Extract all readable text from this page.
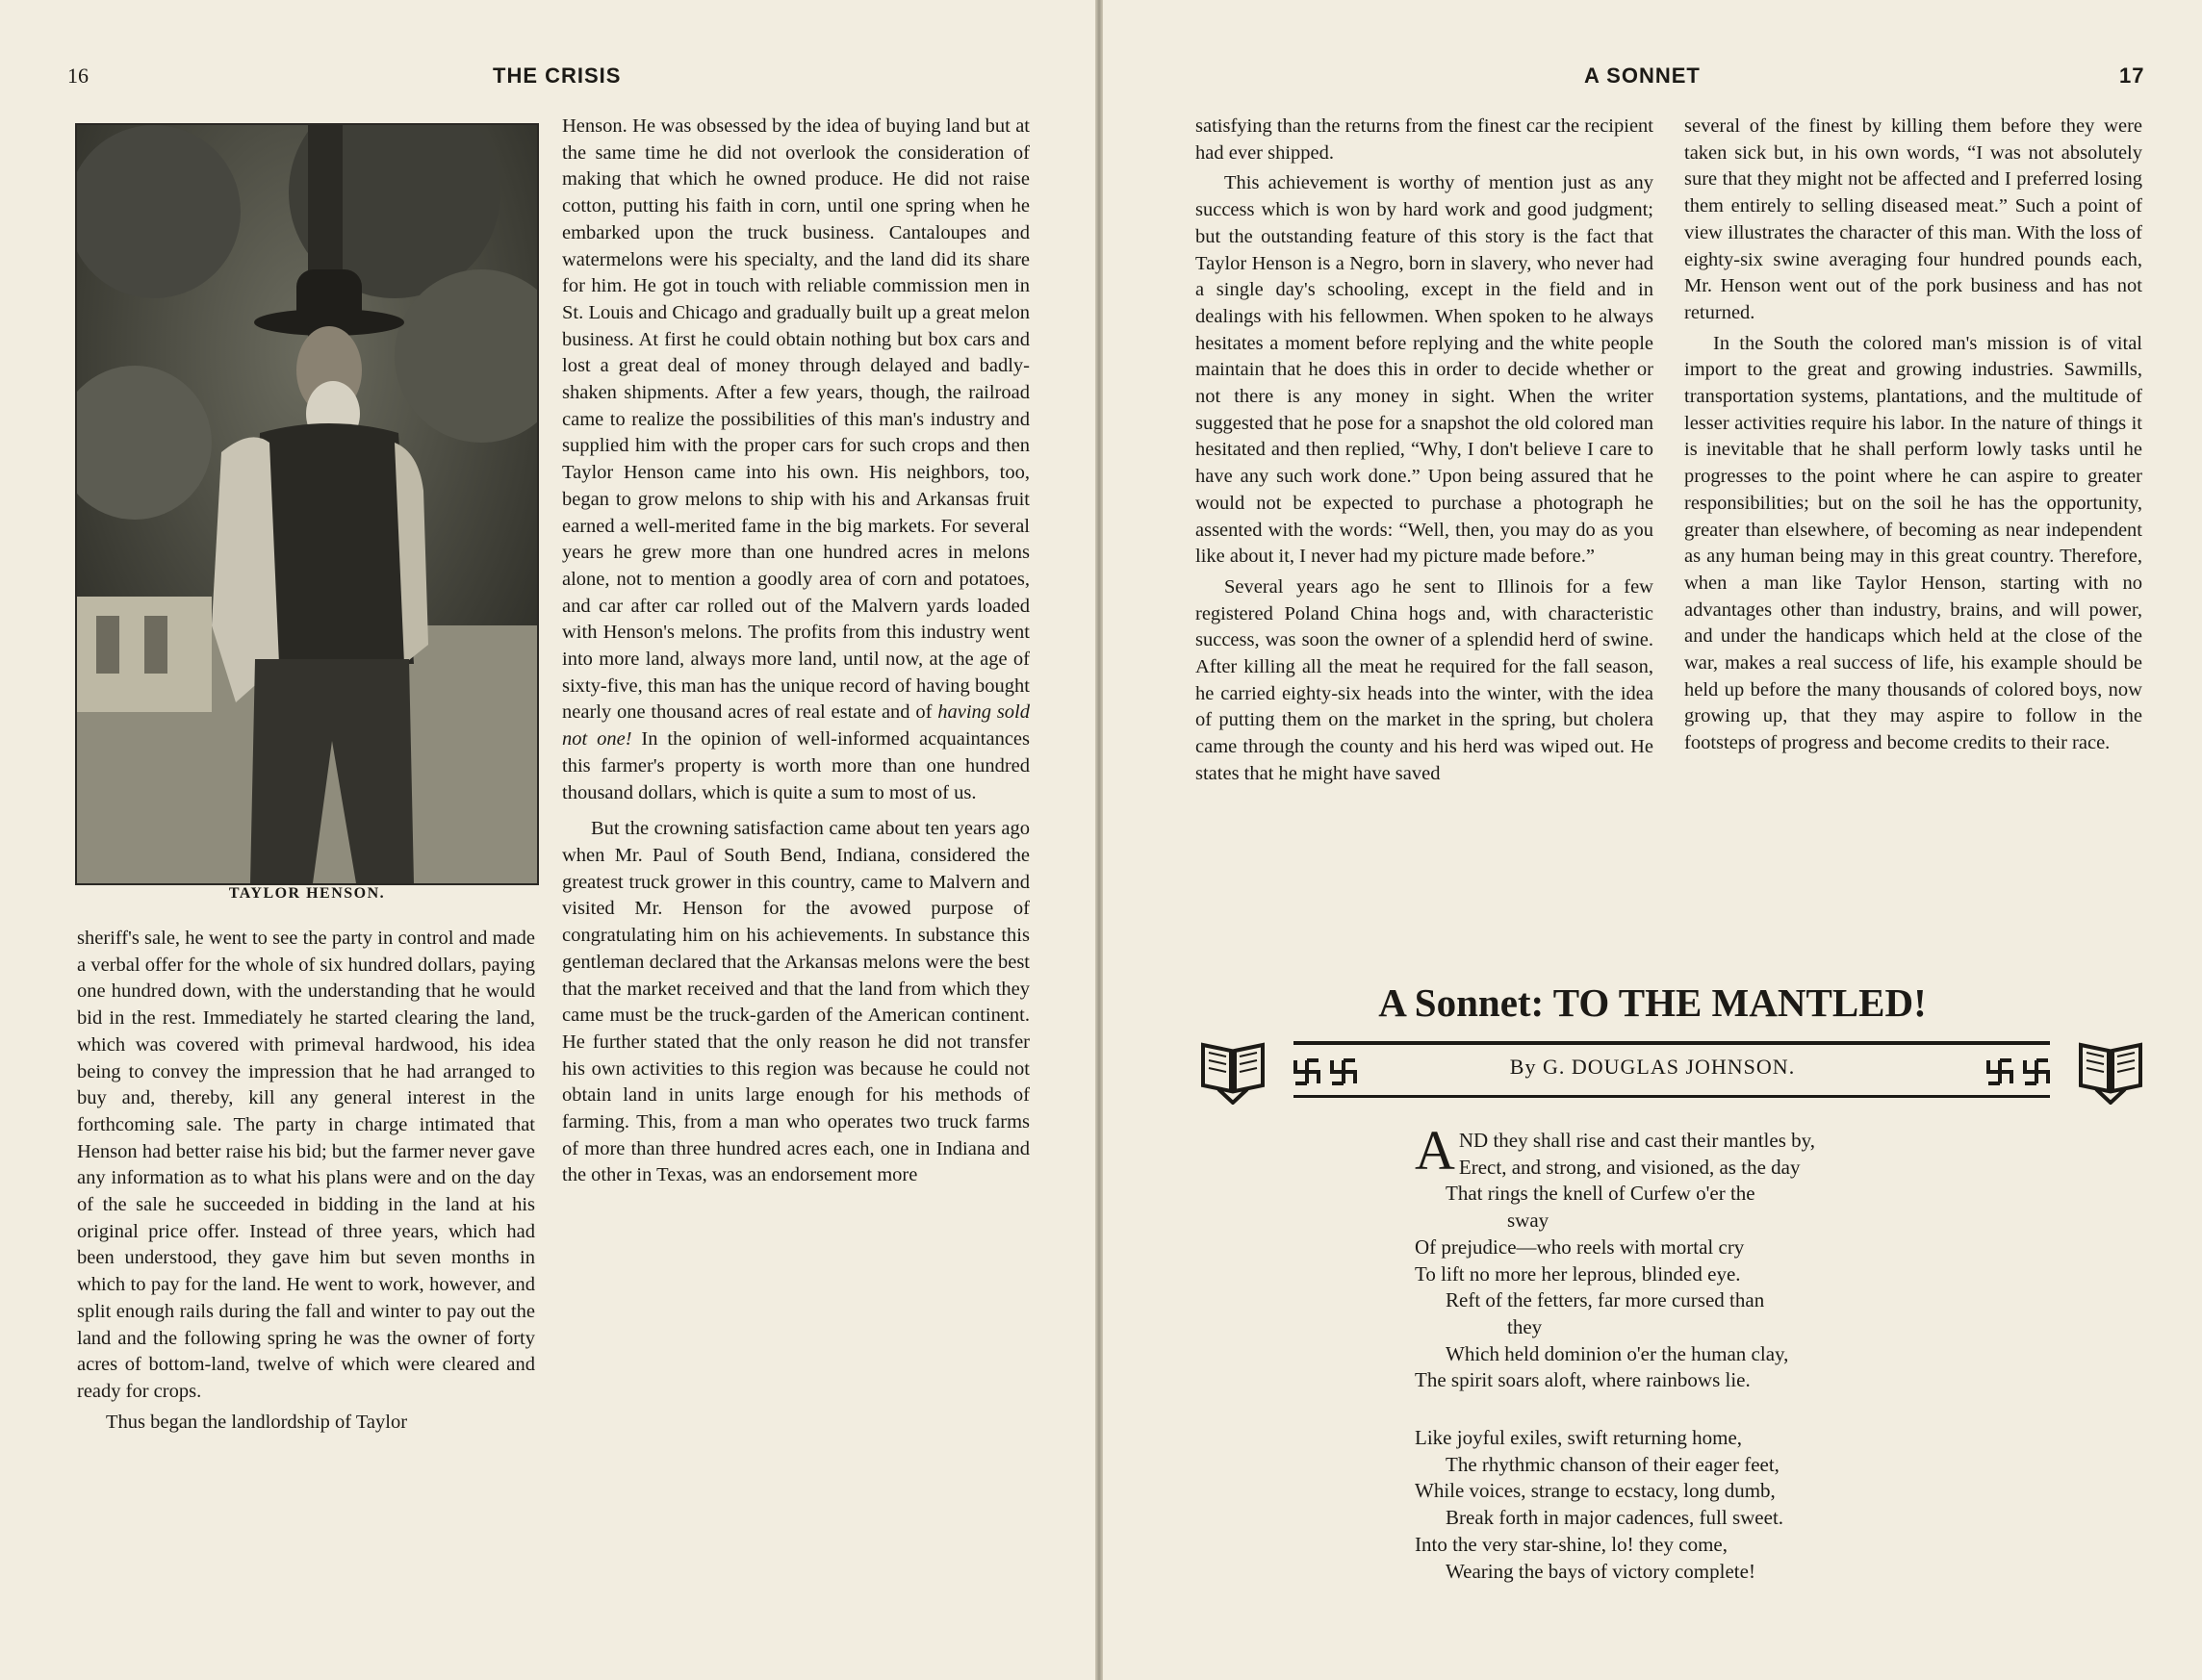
16	THE CRISIS
TAYLOR HENSON.

sheriff's sale, he went to see the party in control and made a verbal offer for the whole of six hundred dollars, paying one hundred down, with the understanding that he would bid in the rest. Immediately he started clearing the land, which was covered with primeval hardwood, his idea being to convey the impression that he had arranged to buy and, thereby, kill any general interest in the forthcoming sale. The party in charge intimated that Henson had better raise his bid; but the farmer never gave any information as to what his plans were and on the day of the sale he succeeded in bidding in the land at his original price offer. Instead of three years, which had been understood, they gave him but seven months in which to pay for the land. He went to work, however, and split enough rails during the fall and winter to pay out the land and the following spring he was the owner of forty acres of bottom-land, twelve of which were cleared and ready for crops.

Thus began the landlordship of Taylor

Henson. He was obsessed by the idea of buying land but at the same time he did not overlook the consideration of making that which he owned produce. He did not raise cotton, putting his faith in corn, until one spring when he embarked upon the truck business. Cantaloupes and watermelons were his specialty, and the land did its share for him. He got in touch with reliable commission men in St. Louis and Chicago and gradually built up a great melon business. At first he could obtain nothing but box cars and lost a great deal of money through delayed and badly-shaken shipments. After a few years, though, the railroad came to realize the possibilities of this man's industry and supplied him with the proper cars for such crops and then Taylor Henson came into his own. His neighbors, too, began to grow melons to ship with his and Arkansas fruit earned a well-merited fame in the big markets. For several years he grew more than one hundred acres in melons alone, not to mention a goodly area of corn and potatoes, and car after car rolled out of the Malvern yards loaded with Henson's melons. The profits from this industry went into more land, always more land, until now, at the age of sixty-five, this man has the unique record of having bought nearly one thousand acres of real estate and of having sold not one! In the opinion of well-informed acquaintances this farmer's property is worth more than one hundred thousand dollars, which is quite a sum to most of us.

But the crowning satisfaction came about ten years ago when Mr. Paul of South Bend, Indiana, considered the greatest truck grower in this country, came to Malvern and visited Mr. Henson for the avowed purpose of congratulating him on his achievements. In substance this gentleman declared that the Arkansas melons were the best that the market received and that the land from which they came must be the truck-garden of the American continent. He further stated that the only reason he did not transfer his own activities to this region was because he could not obtain land in units large enough for his methods of farming. This, from a man who operates two truck farms of more than three hundred acres each, one in Indiana and the other in Texas, was an endorsement more

A SONNET	17

satisfying than the returns from the finest car the recipient had ever shipped.

This achievement is worthy of mention just as any success which is won by hard work and good judgment; but the outstanding feature of this story is the fact that Taylor Henson is a Negro, born in slavery, who never had a single day's schooling, except in the field and in dealings with his fellowmen. When spoken to he always hesitates a moment before replying and the white people maintain that he does this in order to decide whether or not there is any money in sight. When the writer suggested that he pose for a snapshot the old colored man hesitated and then replied, “Why, I don't believe I care to have any such work done.” Upon being assured that he would not be expected to purchase a photograph he assented with the words: “Well, then, you may do as you like about it, I never had my picture made before.”

Several years ago he sent to Illinois for a few registered Poland China hogs and, with characteristic success, was soon the owner of a splendid herd of swine. After killing all the meat he required for the fall season, he carried eighty-six heads into the winter, with the idea of putting them on the market in the spring, but cholera came through the county and his herd was wiped out. He states that he might have saved

several of the finest by killing them before they were taken sick but, in his own words, “I was not absolutely sure that they might not be affected and I preferred losing them entirely to selling diseased meat.” Such a point of view illustrates the character of this man. With the loss of eighty-six swine averaging four hundred pounds each, Mr. Henson went out of the pork business and has not returned.

In the South the colored man's mission is of vital import to the great and growing industries. Sawmills, transportation systems, plantations, and the multitude of lesser activities require his labor. In the nature of things it is inevitable that he shall perform lowly tasks until he progresses to the point where he can aspire to greater responsibilities; but on the soil he has the opportunity, greater than elsewhere, of becoming as near independent as any human being may in this great country. Therefore, when a man like Taylor Henson, starting with no advantages other than industry, brains, and will power, and under the handicaps which held at the close of the war, makes a real success of life, his example should be held up before the many thousands of colored boys, now growing up, that they may aspire to follow in the footsteps of progress and become credits to their race.

A Sonnet: TO THE MANTLED!
By G. DOUGLAS JOHNSON.
A ND they shall rise and cast their mantles by,
Erect, and strong, and visioned, as the day
That rings the knell of Curfew o'er the
sway
Of prejudice—who reels with mortal cry
To lift no more her leprous, blinded eye.
Reft of the fetters, far more cursed than
they
Which held dominion o'er the human clay,
The spirit soars aloft, where rainbows lie.
Like joyful exiles, swift returning home,
The rhythmic chanson of their eager feet,
While voices, strange to ecstacy, long dumb,
Break forth in major cadences, full sweet.
Into the very star-shine, lo! they come,
Wearing the bays of victory complete!
